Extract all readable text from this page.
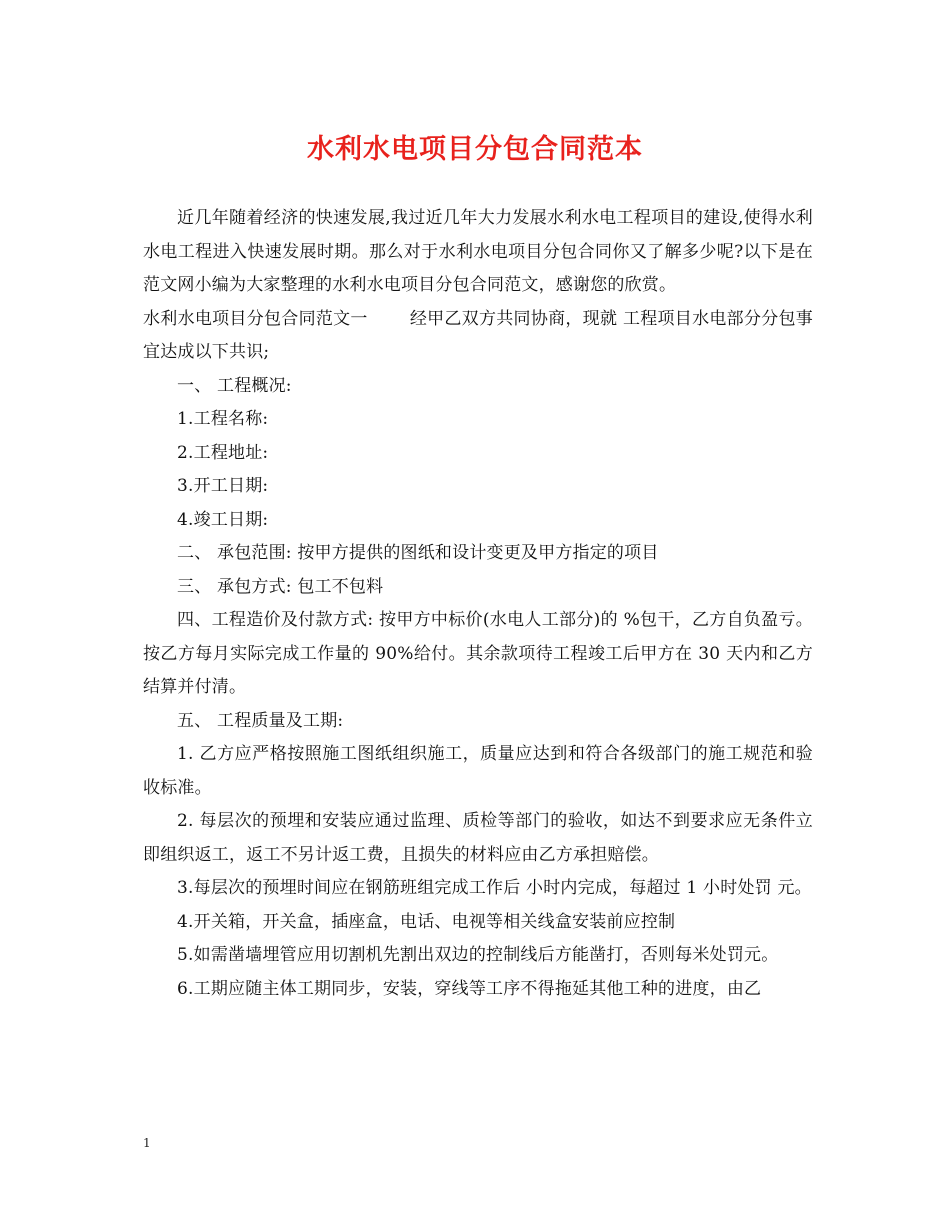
水利水电项目分包合同范本

近几年随着经济的快速发展,我过近几年大力发展水利水电工程项目的建设,使得水利水电工程进入快速发展时期。那么对于水利水电项目分包合同你又了解多少呢?以下是在范文网小编为大家整理的水利水电项目分包合同范文，感谢您的欣赏。

水利水电项目分包合同范文一 经甲乙双方共同协商，现就 工程项目水电部分分包事宜达成以下共识;

一、 工程概况:

1.工程名称:

2.工程地址:

3.开工日期:

4.竣工日期:

二、 承包范围: 按甲方提供的图纸和设计变更及甲方指定的项目

三、 承包方式: 包工不包料

四、工程造价及付款方式: 按甲方中标价(水电人工部分)的 %包干，乙方自负盈亏。按乙方每月实际完成工作量的 90%给付。其余款项待工程竣工后甲方在 30 天内和乙方结算并付清。

五、 工程质量及工期:

1. 乙方应严格按照施工图纸组织施工，质量应达到和符合各级部门的施工规范和验收标准。

2. 每层次的预埋和安装应通过监理、质检等部门的验收，如达不到要求应无条件立即组织返工，返工不另计返工费，且损失的材料应由乙方承担赔偿。

3.每层次的预埋时间应在钢筋班组完成工作后 小时内完成，每超过 1 小时处罚 元。

4.开关箱，开关盒，插座盒，电话、电视等相关线盒安装前应控制

5.如需凿墙埋管应用切割机先割出双边的控制线后方能凿打，否则每米处罚元。

6.工期应随主体工期同步，安装，穿线等工序不得拖延其他工种的进度，由乙

1
